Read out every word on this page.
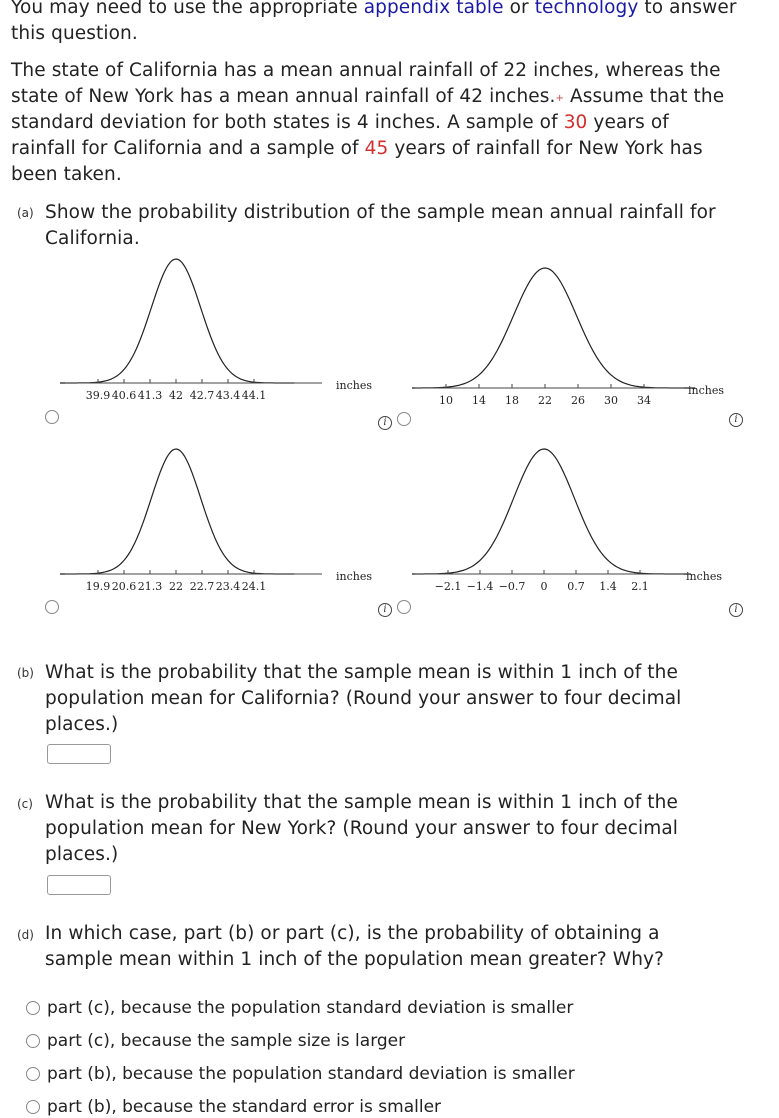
You may need to use the appropriate appendix table or technology to answer
this question.
The state of California has a mean annual rainfall of 22 inches, whereas the
state of New York has a mean annual rainfall of 42 inches.+ Assume that the
standard deviation for both states is 4 inches. A sample of 30 years of
rainfall for California and a sample of 45 years of rainfall for New York has
been taken.
(a) Show the probability distribution of the sample mean annual rainfall for
California.
39.9 40.6 41.3 42 42.7 43.4 44.1
inches
i
10 14 18 22 26 30 34
inches
i
19.9 20.6 21.3 22 22.7 23.4 24.1
inches
i
−2.1 −1.4 −0.7 0 0.7 1.4 2.1
inches
i
(b) What is the probability that the sample mean is within 1 inch of the
population mean for California? (Round your answer to four decimal
places.)
(c) What is the probability that the sample mean is within 1 inch of the
population mean for New York? (Round your answer to four decimal
places.)
(d) In which case, part (b) or part (c), is the probability of obtaining a
sample mean within 1 inch of the population mean greater? Why?
part (c), because the population standard deviation is smaller
part (c), because the sample size is larger
part (b), because the population standard deviation is smaller
part (b), because the standard error is smaller
